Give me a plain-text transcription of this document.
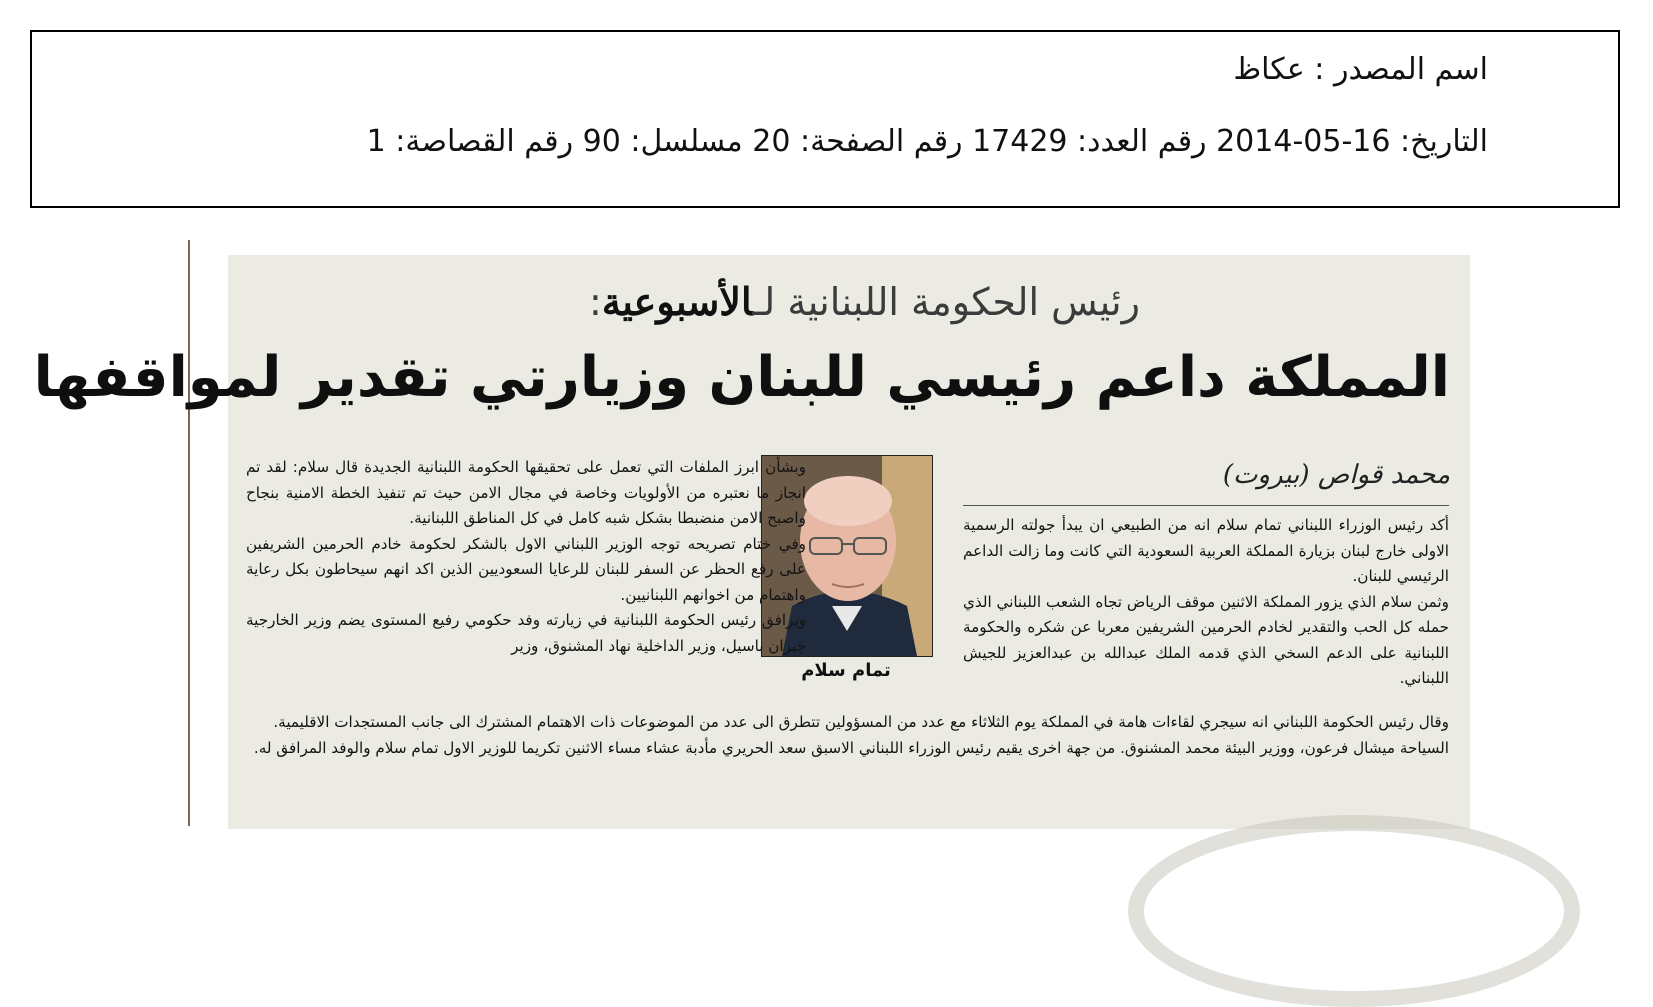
اسم المصدر : عكاظ
التاريخ: 16-05-2014 رقم العدد: 17429 رقم الصفحة: 20 مسلسل: 90 رقم القصاصة: 1
رئيس الحكومة اللبنانية لـالأسبوعية:
المملكة داعم رئيسي للبنان وزيارتي تقدير لمواقفها
محمد قواص (بيروت)

أكد رئيس الوزراء اللبناني تمام سلام انه من الطبيعي ان يبدأ جولته الرسمية الاولى خارج لبنان بزيارة المملكة العربية السعودية التي كانت وما زالت الداعم الرئيسي للبنان.

وثمن سلام الذي يزور المملكة الاثنين موقف الرياض تجاه الشعب اللبناني الذي حمله كل الحب والتقدير لخادم الحرمين الشريفين معربا عن شكره والحكومة اللبنانية على الدعم السخي الذي قدمه الملك عبدالله بن عبدالعزيز للجيش اللبناني.

تمام سلام

وبشأن ابرز الملفات التي تعمل على تحقيقها الحكومة اللبنانية الجديدة قال سلام: لقد تم انجاز ما نعتبره من الأولويات وخاصة في مجال الامن حيث تم تنفيذ الخطة الامنية بنجاح واصبح الامن منضبطا بشكل شبه كامل في كل المناطق اللبنانية.

وفي ختام تصريحه توجه الوزير اللبناني الاول بالشكر لحكومة خادم الحرمين الشريفين على رفع الحظر عن السفر للبنان للرعايا السعوديين الذين اكد انهم سيحاطون بكل رعاية واهتمام من اخوانهم اللبنانيين.

ويرافق رئيس الحكومة اللبنانية في زيارته وفد حكومي رفيع المستوى يضم وزير الخارجية جبران باسيل، وزير الداخلية نهاد المشنوق، وزير

وقال رئيس الحكومة اللبناني انه سيجري لقاءات هامة في المملكة يوم الثلاثاء مع عدد من المسؤولين تتطرق الى عدد من الموضوعات ذات الاهتمام المشترك الى جانب المستجدات الاقليمية.

السياحة ميشال فرعون، ووزير البيئة محمد المشنوق. من جهة اخرى يقيم رئيس الوزراء اللبناني الاسبق سعد الحريري مأدبة عشاء مساء الاثنين تكريما للوزير الاول تمام سلام والوفد المرافق له.
